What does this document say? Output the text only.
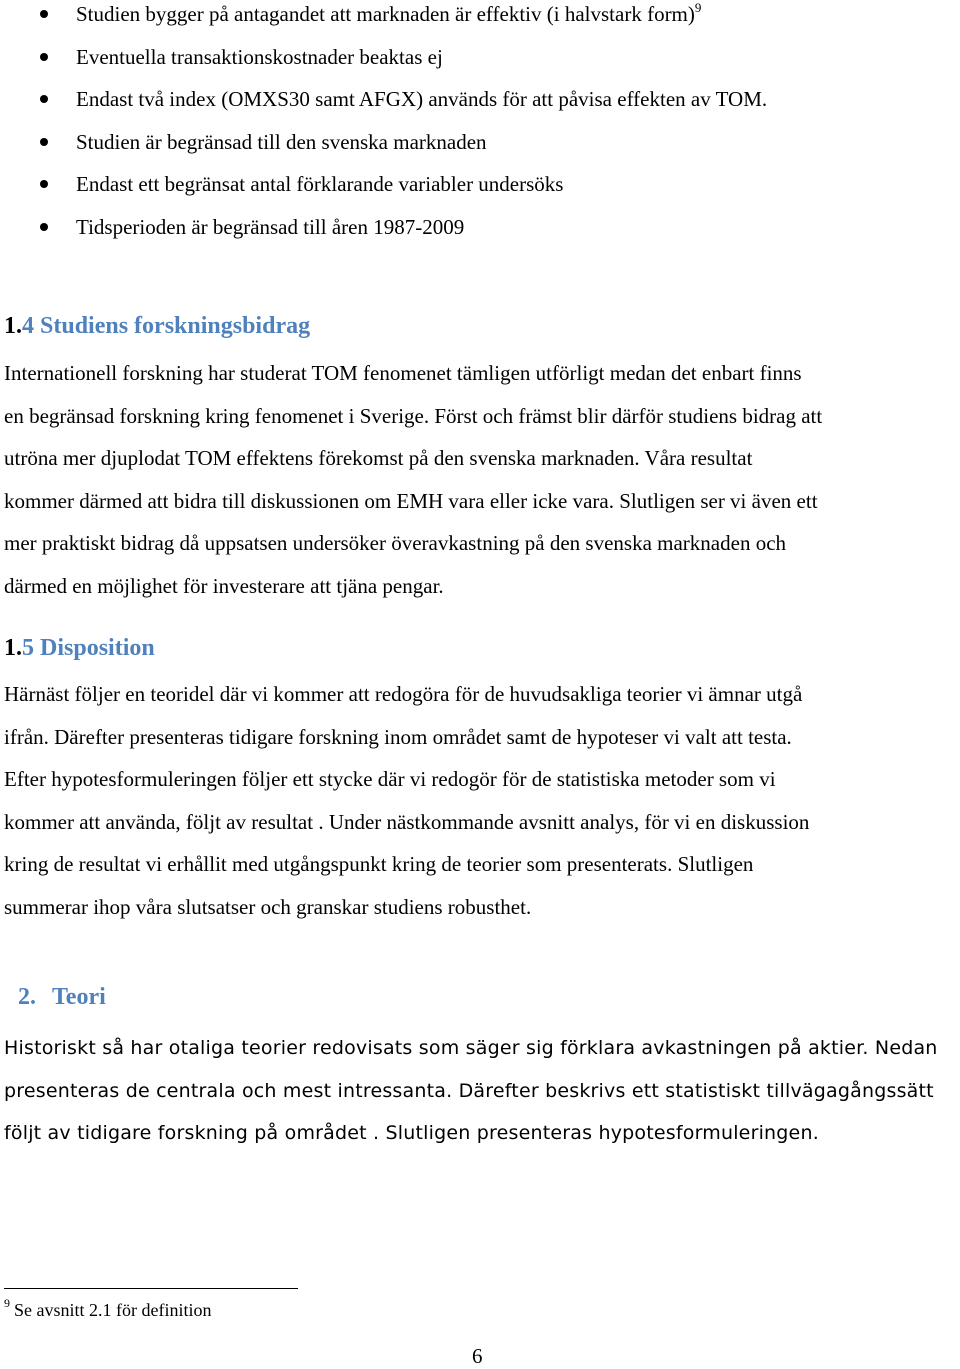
Studien bygger på antagandet att marknaden är effektiv (i halvstark form)$^9$
Eventuella transaktionskostnader beaktas ej
Endast två index (OMXS30 samt AFGX) används för att påvisa effekten av TOM.
Studien är begränsad till den svenska marknaden
Endast ett begränsat antal förklarande variabler undersöks
Tidsperioden är begränsad till åren 1987-2009
1.4 Studiens forskningsbidrag
Internationell forskning har studerat TOM fenomenet tämligen utförligt medan det enbart finns
en begränsad forskning kring fenomenet i Sverige. Först och främst blir därför studiens bidrag att
utröna mer djuplodat TOM effektens förekomst på den svenska marknaden. Våra resultat
kommer därmed att bidra till diskussionen om EMH vara eller icke vara. Slutligen ser vi även ett
mer praktiskt bidrag då uppsatsen undersöker överavkastning på den svenska marknaden och
därmed en möjlighet för investerare att tjäna pengar.
1.5 Disposition
Härnäst följer en teoridel där vi kommer att redogöra för de huvudsakliga teorier vi ämnar utgå
ifrån. Därefter presenteras tidigare forskning inom området samt de hypoteser vi valt att testa.
Efter hypotesformuleringen följer ett stycke där vi redogör för de statistiska metoder som vi
kommer att använda, följt av resultat . Under nästkommande avsnitt analys, för vi en diskussion
kring de resultat vi erhållit med utgångspunkt kring de teorier som presenterats. Slutligen
summerar ihop våra slutsatser och granskar studiens robusthet.
2. Teori
Historiskt så har otaliga teorier redovisats som säger sig förklara avkastningen på aktier. Nedan
presenteras de centrala och mest intressanta. Därefter beskrivs ett statistiskt tillvägagångssätt
följt av tidigare forskning på området . Slutligen presenteras hypotesformuleringen.
$^9$ Se avsnitt 2.1 för definition
6
